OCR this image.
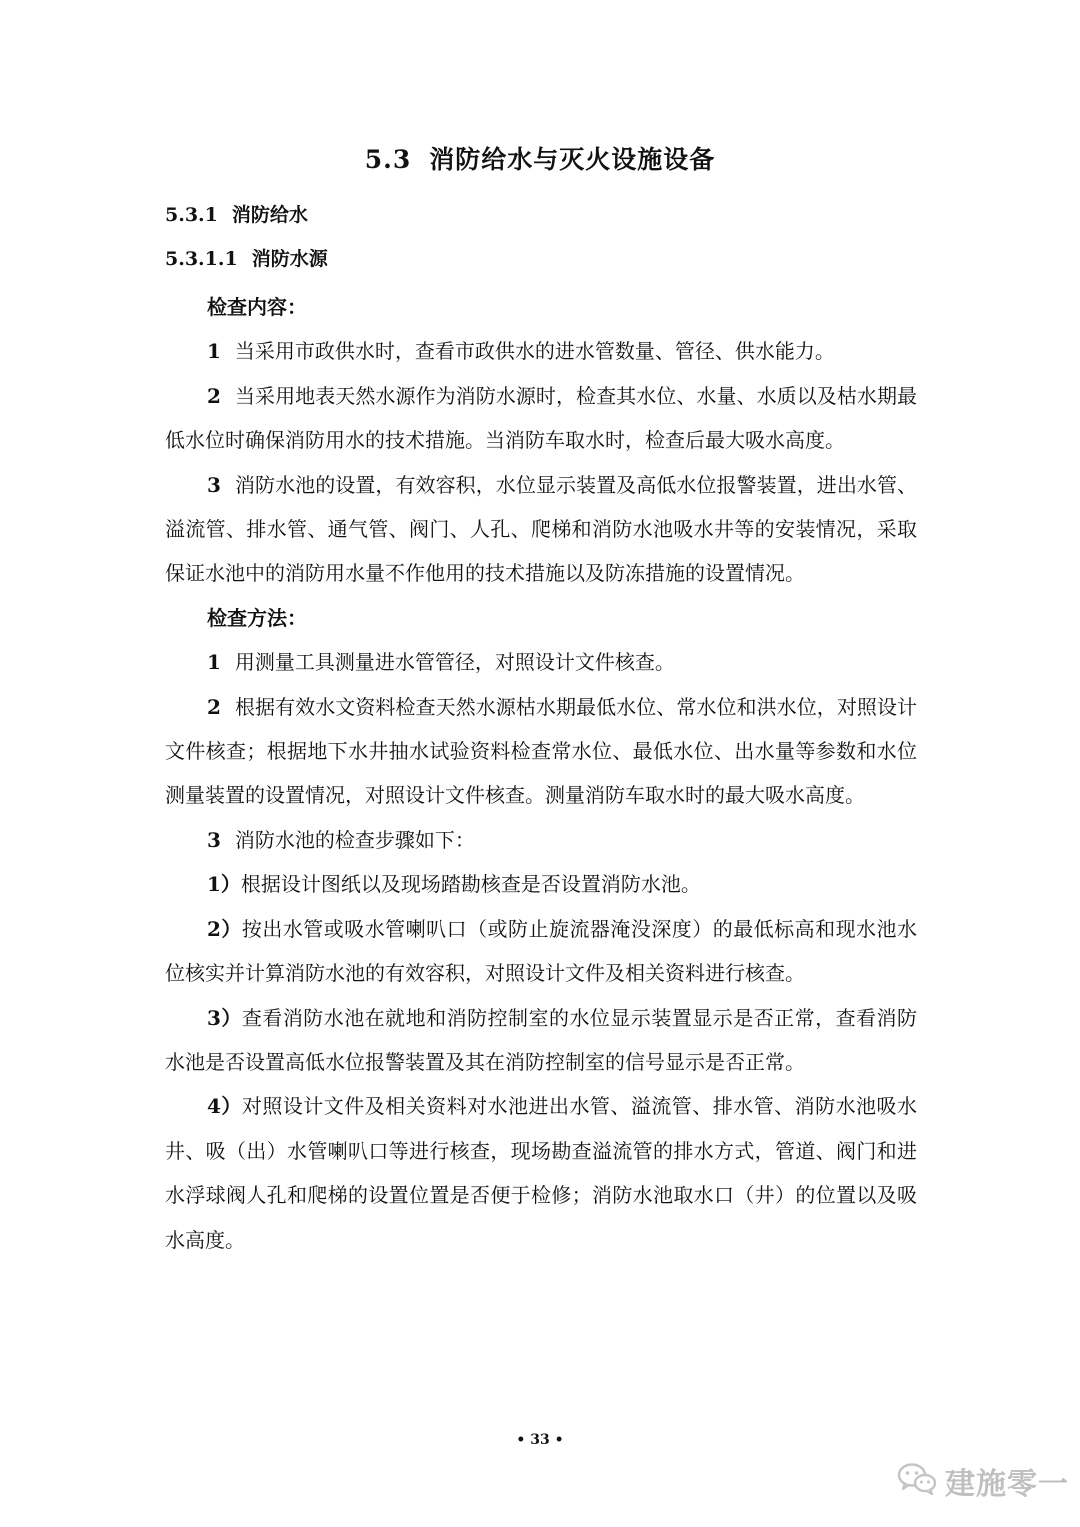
5.3 消防给水与灭火设施设备
5.3.1 消防给水
5.3.1.1 消防水源

检查内容：

1 当采用市政供水时，查看市政供水的进水管数量、管径、供水能力。

2 当采用地表天然水源作为消防水源时，检查其水位、水量、水质以及枯水期最低水位时确保消防用水的技术措施。当消防车取水时，检查后最大吸水高度。

3 消防水池的设置，有效容积，水位显示装置及高低水位报警装置，进出水管、溢流管、排水管、通气管、阀门、人孔、爬梯和消防水池吸水井等的安装情况，采取保证水池中的消防用水量不作他用的技术措施以及防冻措施的设置情况。

检查方法：

1 用测量工具测量进水管管径，对照设计文件核查。

2 根据有效水文资料检查天然水源枯水期最低水位、常水位和洪水位，对照设计文件核查；根据地下水井抽水试验资料检查常水位、最低水位、出水量等参数和水位测量装置的设置情况，对照设计文件核查。测量消防车取水时的最大吸水高度。

3 消防水池的检查步骤如下：

1）根据设计图纸以及现场踏勘核查是否设置消防水池。

2）按出水管或吸水管喇叭口（或防止旋流器淹没深度）的最低标高和现水池水位核实并计算消防水池的有效容积，对照设计文件及相关资料进行核查。

3）查看消防水池在就地和消防控制室的水位显示装置显示是否正常，查看消防水池是否设置高低水位报警装置及其在消防控制室的信号显示是否正常。

4）对照设计文件及相关资料对水池进出水管、溢流管、排水管、消防水池吸水井、吸（出）水管喇叭口等进行核查，现场勘查溢流管的排水方式，管道、阀门和进水浮球阀人孔和爬梯的设置位置是否便于检修；消防水池取水口（井）的位置以及吸水高度。

• 33 •
建施零一
